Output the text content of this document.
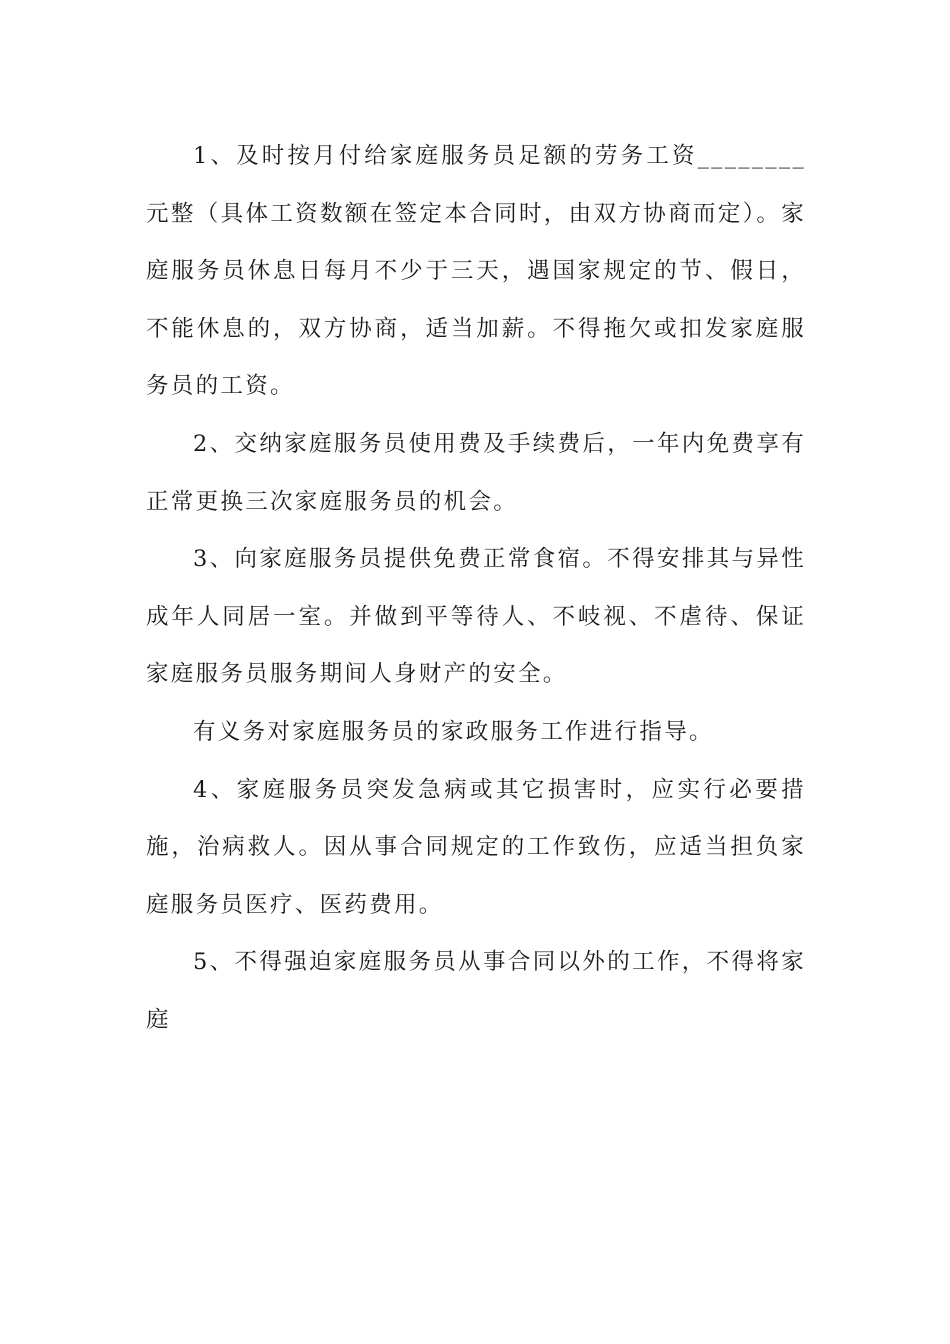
1、及时按月付给家庭服务员足额的劳务工资________元整（具体工资数额在签定本合同时，由双方协商而定）。家庭服务员休息日每月不少于三天，遇国家规定的节、假日，不能休息的，双方协商，适当加薪。不得拖欠或扣发家庭服务员的工资。

2、交纳家庭服务员使用费及手续费后，一年内免费享有正常更换三次家庭服务员的机会。

3、向家庭服务员提供免费正常食宿。不得安排其与异性成年人同居一室。并做到平等待人、不岐视、不虐待、保证家庭服务员服务期间人身财产的安全。

有义务对家庭服务员的家政服务工作进行指导。

4、家庭服务员突发急病或其它损害时，应实行必要措施，治病救人。因从事合同规定的工作致伤，应适当担负家庭服务员医疗、医药费用。

5、不得强迫家庭服务员从事合同以外的工作，不得将家庭
